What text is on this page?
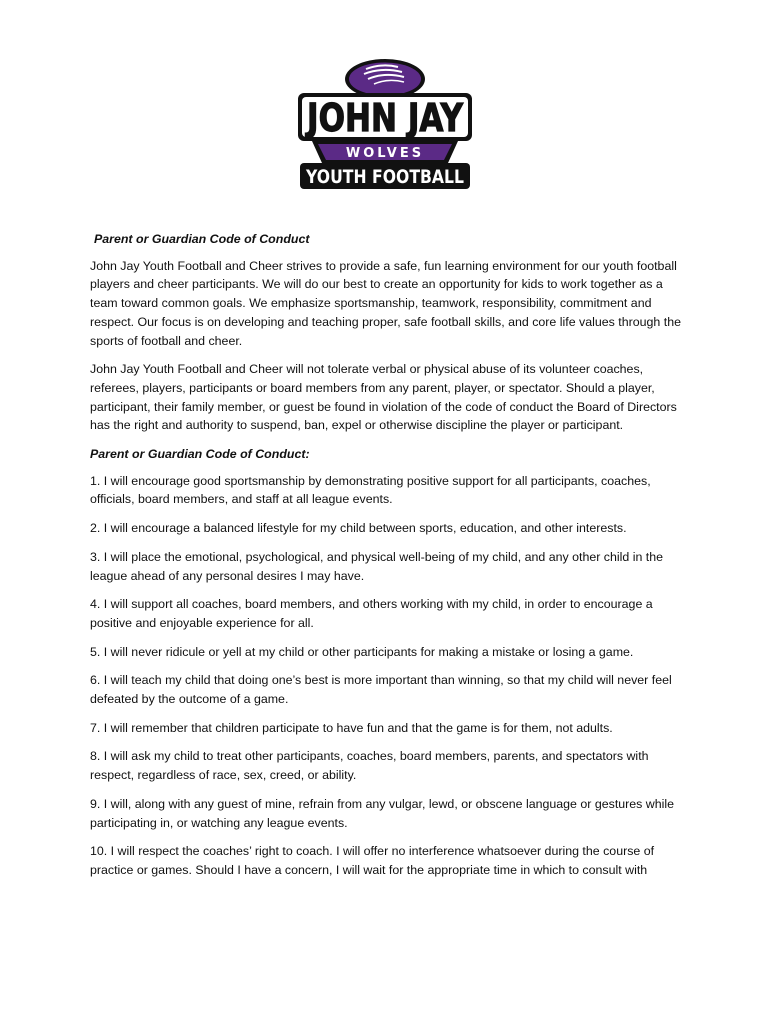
JOHN JAY
WOLVES
YOUTH FOOTBALL
Parent or Guardian Code of Conduct

John Jay Youth Football and Cheer strives to provide a safe, fun learning environment for our youth football players and cheer participants. We will do our best to create an opportunity for kids to work together as a team toward common goals. We emphasize sportsmanship, teamwork, responsibility, commitment and respect. Our focus is on developing and teaching proper, safe football skills, and core life values through the sports of football and cheer.

John Jay Youth Football and Cheer will not tolerate verbal or physical abuse of its volunteer coaches, referees, players, participants or board members from any parent, player, or spectator. Should a player, participant, their family member, or guest be found in violation of the code of conduct the Board of Directors has the right and authority to suspend, ban, expel or otherwise discipline the player or participant.

Parent or Guardian Code of Conduct:
1. I will encourage good sportsmanship by demonstrating positive support for all participants, coaches, officials, board members, and staff at all league events.
2. I will encourage a balanced lifestyle for my child between sports, education, and other interests.
3. I will place the emotional, psychological, and physical well-being of my child, and any other child in the league ahead of any personal desires I may have.
4. I will support all coaches, board members, and others working with my child, in order to encourage a positive and enjoyable experience for all.
5. I will never ridicule or yell at my child or other participants for making a mistake or losing a game.
6. I will teach my child that doing one’s best is more important than winning, so that my child will never feel defeated by the outcome of a game.
7. I will remember that children participate to have fun and that the game is for them, not adults.
8. I will ask my child to treat other participants, coaches, board members, parents, and spectators with respect, regardless of race, sex, creed, or ability.
9. I will, along with any guest of mine, refrain from any vulgar, lewd, or obscene language or gestures while participating in, or watching any league events.
10. I will respect the coaches’ right to coach. I will offer no interference whatsoever during the course of practice or games. Should I have a concern, I will wait for the appropriate time in which to consult with
